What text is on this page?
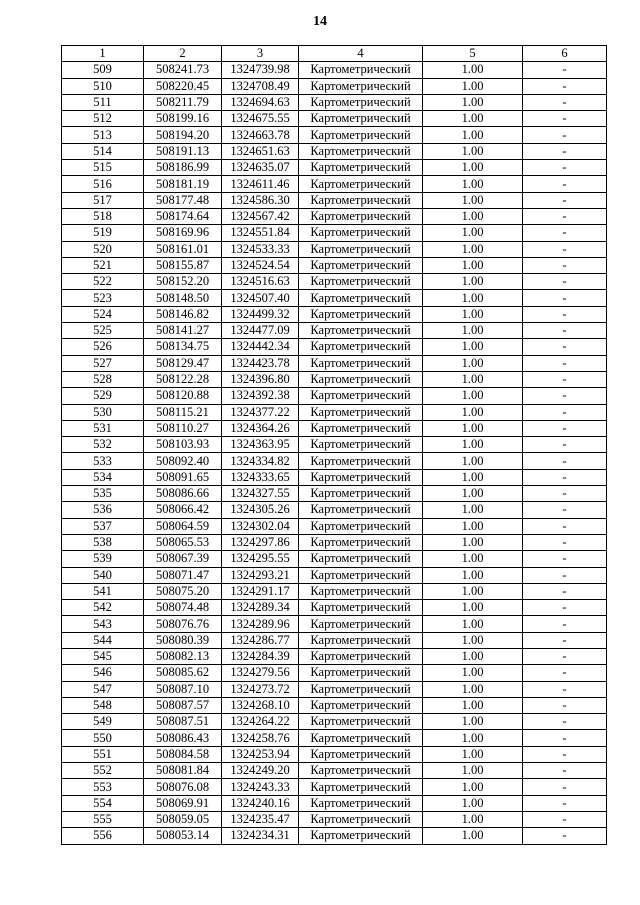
14
1	2	3	4	5	6
509	508241.73	1324739.98	Картометрический	1.00	-
510	508220.45	1324708.49	Картометрический	1.00	-
511	508211.79	1324694.63	Картометрический	1.00	-
512	508199.16	1324675.55	Картометрический	1.00	-
513	508194.20	1324663.78	Картометрический	1.00	-
514	508191.13	1324651.63	Картометрический	1.00	-
515	508186.99	1324635.07	Картометрический	1.00	-
516	508181.19	1324611.46	Картометрический	1.00	-
517	508177.48	1324586.30	Картометрический	1.00	-
518	508174.64	1324567.42	Картометрический	1.00	-
519	508169.96	1324551.84	Картометрический	1.00	-
520	508161.01	1324533.33	Картометрический	1.00	-
521	508155.87	1324524.54	Картометрический	1.00	-
522	508152.20	1324516.63	Картометрический	1.00	-
523	508148.50	1324507.40	Картометрический	1.00	-
524	508146.82	1324499.32	Картометрический	1.00	-
525	508141.27	1324477.09	Картометрический	1.00	-
526	508134.75	1324442.34	Картометрический	1.00	-
527	508129.47	1324423.78	Картометрический	1.00	-
528	508122.28	1324396.80	Картометрический	1.00	-
529	508120.88	1324392.38	Картометрический	1.00	-
530	508115.21	1324377.22	Картометрический	1.00	-
531	508110.27	1324364.26	Картометрический	1.00	-
532	508103.93	1324363.95	Картометрический	1.00	-
533	508092.40	1324334.82	Картометрический	1.00	-
534	508091.65	1324333.65	Картометрический	1.00	-
535	508086.66	1324327.55	Картометрический	1.00	-
536	508066.42	1324305.26	Картометрический	1.00	-
537	508064.59	1324302.04	Картометрический	1.00	-
538	508065.53	1324297.86	Картометрический	1.00	-
539	508067.39	1324295.55	Картометрический	1.00	-
540	508071.47	1324293.21	Картометрический	1.00	-
541	508075.20	1324291.17	Картометрический	1.00	-
542	508074.48	1324289.34	Картометрический	1.00	-
543	508076.76	1324289.96	Картометрический	1.00	-
544	508080.39	1324286.77	Картометрический	1.00	-
545	508082.13	1324284.39	Картометрический	1.00	-
546	508085.62	1324279.56	Картометрический	1.00	-
547	508087.10	1324273.72	Картометрический	1.00	-
548	508087.57	1324268.10	Картометрический	1.00	-
549	508087.51	1324264.22	Картометрический	1.00	-
550	508086.43	1324258.76	Картометрический	1.00	-
551	508084.58	1324253.94	Картометрический	1.00	-
552	508081.84	1324249.20	Картометрический	1.00	-
553	508076.08	1324243.33	Картометрический	1.00	-
554	508069.91	1324240.16	Картометрический	1.00	-
555	508059.05	1324235.47	Картометрический	1.00	-
556	508053.14	1324234.31	Картометрический	1.00	-
